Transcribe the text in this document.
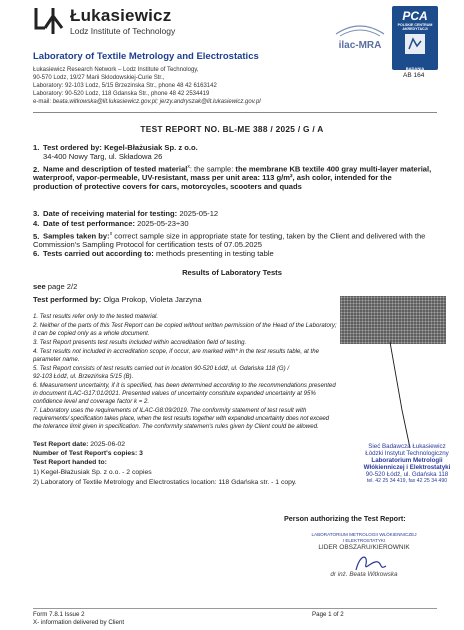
Łukasiewicz
Lodz Institute of Technology
Laboratory of Textile Metrology and Electrostatics
Łukasiewicz Research Network – Lodz Institute of Technology,
90-570 Lodz, 19/27 Marii Sklodowskiej-Curie Str.,
Laboratory: 92-103 Lodz, 5/15 Brzezinska Str., phone 48 42 6163142
Laboratory: 90-520 Lodz, 118 Gdanska Str., phone 48 42 2534419
e-mail: beata.witkowska@lit.lukasiewicz.gov.pl; jerzy.andryszak@lit.lukasiewicz.gov.pl
ilac-MRA
PCA
POLSKIE CENTRUM
AKREDYTACJI
BADANIA
AB 164
TEST REPORT NO. BL-ME 388 / 2025 / G / A
1. Test ordered by: Kegel-Błażusiak Sp. z o.o.
34-400 Nowy Targ, ul. Składowa 26
2. Name and description of tested material$^x$: the sample: the membrane KB textile 400 gray multi-layer material, waterproof, vapor-permeable, UV-resistant, mass per unit area: 113 g/m², ash color, intended for the production of protective covers for cars, motorcycles, scooters and quads
3. Date of receiving material for testing: 2025-05-12
4. Date of test performance: 2025-05-23÷30
5. Samples taken by:$^x$ correct sample size in appropriate state for testing, taken by the Client and delivered with the Commission's Sampling Protocol for certification tests of 07.05.2025
6. Tests carried out according to: methods presenting in testing table
Results of Laboratory Tests
see page 2/2
Test performed by: Olga Prokop, Violeta Jarzyna
1. Test results refer only to the tested material.
2. Neither of the parts of this Test Report can be copied without written permission of the Head of the Laboratory;
it can be copied only as a whole document.
3. Test Report presents test results included within accreditation field of testing.
4. Test results not included in accreditation scope, if occur, are marked with* in the test results table, at the
parameter name.
5. Test Report consists of test results carried out in location 90-520 Łódź, ul. Gdańska 118 (G) /
92-103 Łódź, ul. Brzezińska 5/15 (B).
6. Measurement uncertainty, if it is specified, has been determined according to the recommendations presented
in document ILAC-G17:01/2021. Presented values of uncertainty constitute expanded uncertainty at 95%
confidence level and coverage factor k = 2.
7. Laboratory uses the requirements of ILAC-G8:09/2019. The conformity statement of test result with
requirements/ specification takes place, when the test results together with expanded uncertainty does not exceed
the tolerance limit given in specification. The conformity statemen's rules given by Client could be allowed.
Test Report date: 2025-06-02
Number of Test Report's copies: 3
Test Report handed to:
1) Kegel-Błażusiak Sp. z o.o. - 2 copies
2) Laboratory of Textile Metrology and Electrostatics location: 118 Gdańska str. - 1 copy.
Sieć Badawcza Łukasiewicz
Łódzki Instytut Technologiczny
Laboratorium Metrologii
Włókienniczej i Elektrostatyki
90-520 Łódź, ul. Gdańska 118
tel. 42 25 34 419, fax 42 25 34 490
Person authorizing the Test Report:
LABORATORIUM METROLOGII WŁÓKIENNICZEJ
I ELEKTROSTATYKI
LIDER OBSZARU/KIEROWNIK
dr inż. Beata Witkowska
Form 7.8.1 Issue 2
X- information delivered by Client
Page 1 of 2
